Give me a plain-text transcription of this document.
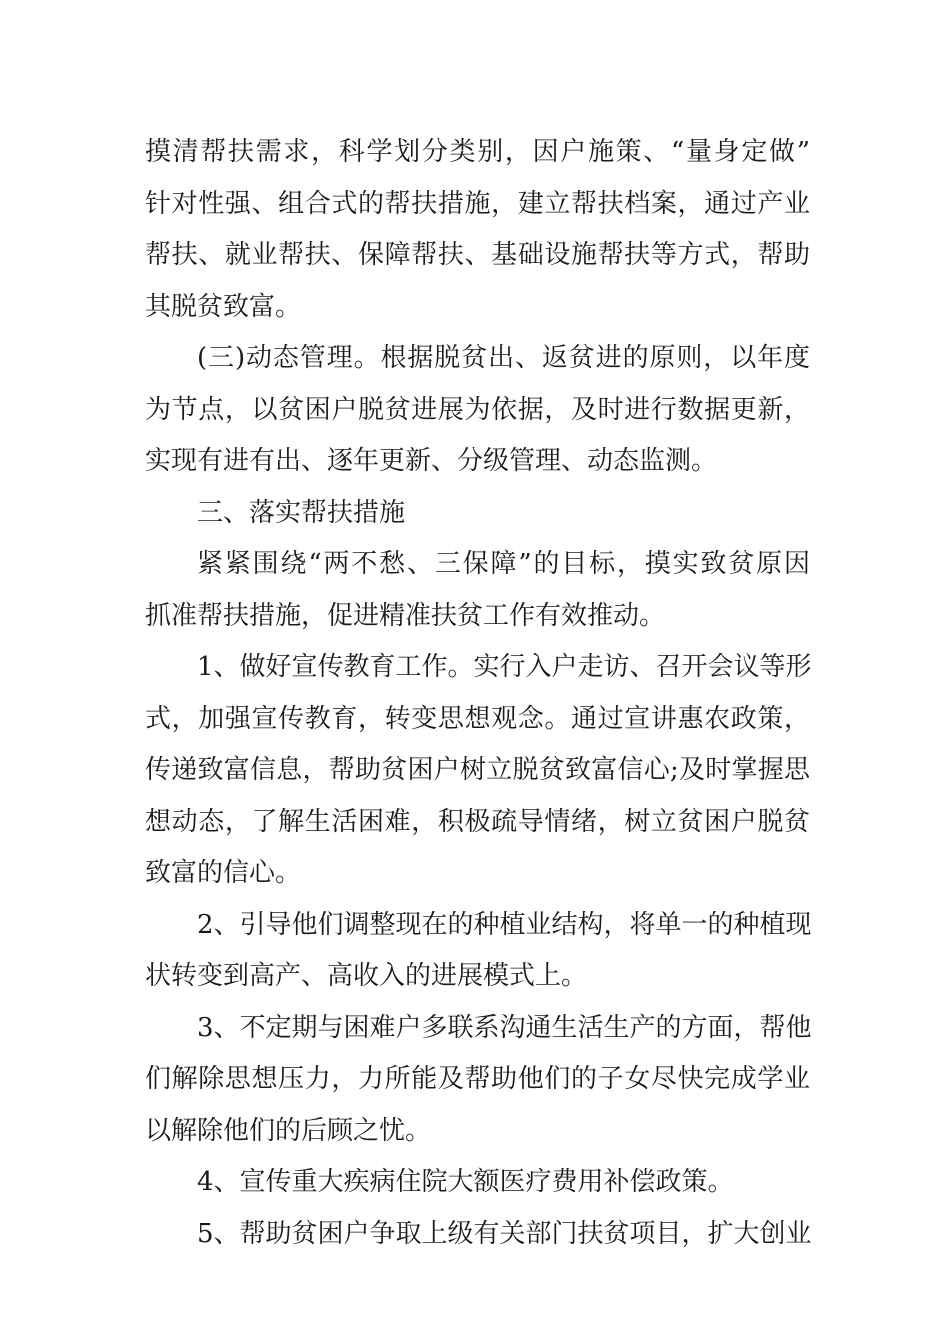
摸清帮扶需求，科学划分类别，因户施策、“量身定做”
针对性强、组合式的帮扶措施，建立帮扶档案，通过产业
帮扶、就业帮扶、保障帮扶、基础设施帮扶等方式，帮助
其脱贫致富。
(三)动态管理。根据脱贫出、返贫进的原则，以年度
为节点，以贫困户脱贫进展为依据，及时进行数据更新，
实现有进有出、逐年更新、分级管理、动态监测。
三、落实帮扶措施
紧紧围绕“两不愁、三保障”的目标，摸实致贫原因
抓准帮扶措施，促进精准扶贫工作有效推动。
1、做好宣传教育工作。实行入户走访、召开会议等形
式，加强宣传教育，转变思想观念。通过宣讲惠农政策，
传递致富信息，帮助贫困户树立脱贫致富信心;及时掌握思
想动态，了解生活困难，积极疏导情绪，树立贫困户脱贫
致富的信心。
2、引导他们调整现在的种植业结构，将单一的种植现
状转变到高产、高收入的进展模式上。
3、不定期与困难户多联系沟通生活生产的方面，帮他
们解除思想压力，力所能及帮助他们的子女尽快完成学业
以解除他们的后顾之忧。
4、宣传重大疾病住院大额医疗费用补偿政策。
5、帮助贫困户争取上级有关部门扶贫项目，扩大创业
